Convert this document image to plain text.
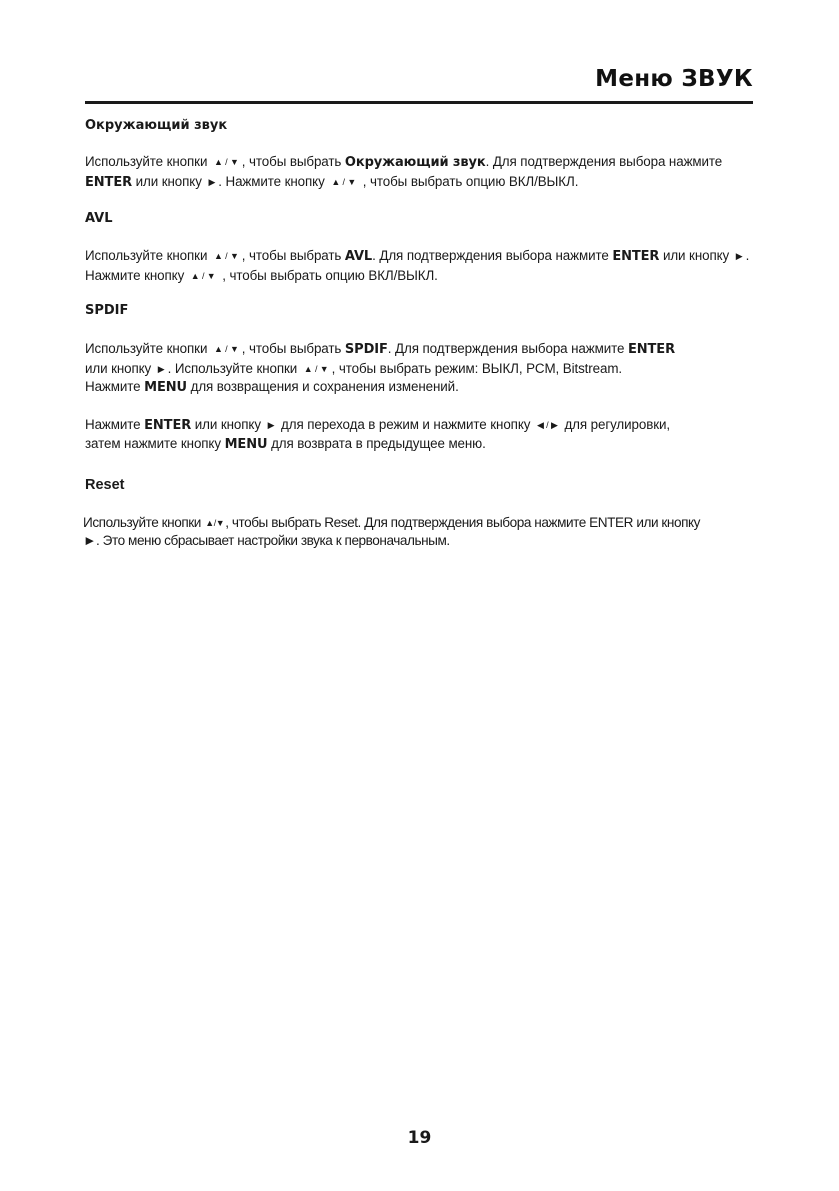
Меню ЗВУК
Окружающий звук

Используйте кнопки ▲ / ▼ , чтобы выбрать Окружающий звук. Для подтверждения выбора нажмите
ENTER или кнопку ▶ . Нажмите кнопку ▲ / ▼ , чтобы выбрать опцию ВКЛ/ВЫКЛ.

AVL

Используйте кнопки ▲ / ▼ , чтобы выбрать AVL. Для подтверждения выбора нажмите ENTER или кнопку ▶ . Нажмите кнопку ▲ / ▼ , чтобы выбрать опцию ВКЛ/ВЫКЛ.

SPDIF

Используйте кнопки ▲ / ▼ , чтобы выбрать SPDIF. Для подтверждения выбора нажмите ENTER
или кнопку ▶ . Используйте кнопки ▲ / ▼ , чтобы выбрать режим: ВЫКЛ, PCM, Bitstream.
Нажмите MENU для возвращения и сохранения изменений.

Нажмите ENTER или кнопку ▶ для перехода в режим и нажмите кнопку ◀ / ▶ для регулировки,
затем нажмите кнопку MENU для возврата в предыдущее меню.

Reset

Используйте кнопки ▲/▼, чтобы выбрать Reset. Для подтверждения выбора нажмите ENTER или кнопку
►. Это меню сбрасывает настройки звука к первоначальным.

19
